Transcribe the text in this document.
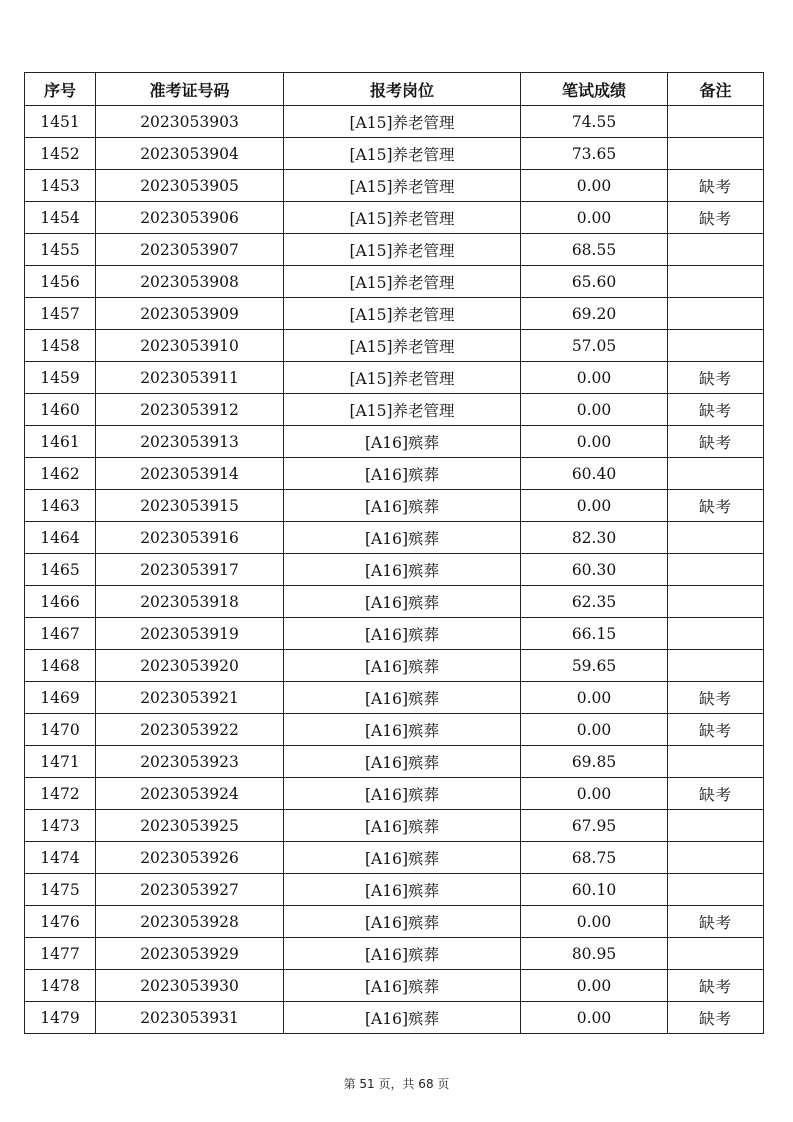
序号	准考证号码	报考岗位	笔试成绩	备注
1451	2023053903	[A15]养老管理	74.55	
1452	2023053904	[A15]养老管理	73.65	
1453	2023053905	[A15]养老管理	0.00	缺考
1454	2023053906	[A15]养老管理	0.00	缺考
1455	2023053907	[A15]养老管理	68.55	
1456	2023053908	[A15]养老管理	65.60	
1457	2023053909	[A15]养老管理	69.20	
1458	2023053910	[A15]养老管理	57.05	
1459	2023053911	[A15]养老管理	0.00	缺考
1460	2023053912	[A15]养老管理	0.00	缺考
1461	2023053913	[A16]殡葬	0.00	缺考
1462	2023053914	[A16]殡葬	60.40	
1463	2023053915	[A16]殡葬	0.00	缺考
1464	2023053916	[A16]殡葬	82.30	
1465	2023053917	[A16]殡葬	60.30	
1466	2023053918	[A16]殡葬	62.35	
1467	2023053919	[A16]殡葬	66.15	
1468	2023053920	[A16]殡葬	59.65	
1469	2023053921	[A16]殡葬	0.00	缺考
1470	2023053922	[A16]殡葬	0.00	缺考
1471	2023053923	[A16]殡葬	69.85	
1472	2023053924	[A16]殡葬	0.00	缺考
1473	2023053925	[A16]殡葬	67.95	
1474	2023053926	[A16]殡葬	68.75	
1475	2023053927	[A16]殡葬	60.10	
1476	2023053928	[A16]殡葬	0.00	缺考
1477	2023053929	[A16]殡葬	80.95	
1478	2023053930	[A16]殡葬	0.00	缺考
1479	2023053931	[A16]殡葬	0.00	缺考
第 51 页，共 68 页
